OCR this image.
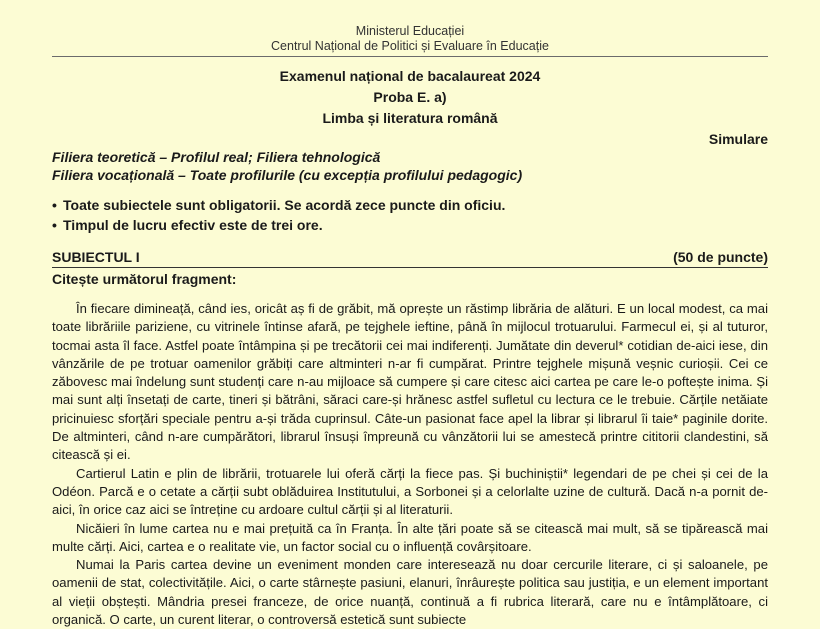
Ministerul Educației
Centrul Național de Politici și Evaluare în Educație
Examenul național de bacalaureat 2024
Proba E. a)
Limba și literatura română
Simulare
Filiera teoretică – Profilul real; Filiera tehnologică
Filiera vocațională – Toate profilurile (cu excepția profilului pedagogic)
• Toate subiectele sunt obligatorii. Se acordă zece puncte din oficiu.
• Timpul de lucru efectiv este de trei ore.
SUBIECTUL I	(50 de puncte)
Citește următorul fragment:

În fiecare dimineață, când ies, oricât aș fi de grăbit, mă oprește un răstimp librăria de alături. E un local modest, ca mai toate librăriile pariziene, cu vitrinele întinse afară, pe tejghele ieftine, până în mijlocul trotuarului. Farmecul ei, și al tuturor, tocmai asta îl face. Astfel poate întâmpina și pe trecătorii cei mai indiferenți. Jumătate din deverul* cotidian de-aici iese, din vânzările de pe trotuar oamenilor grăbiți care altminteri n-ar fi cumpărat. Printre tejghele mișună veșnic curioșii. Cei ce zăbovesc mai îndelung sunt studenți care n-au mijloace să cumpere și care citesc aici cartea pe care le-o poftește inima. Și mai sunt alți însetați de carte, tineri și bătrâni, săraci care-și hrănesc astfel sufletul cu lectura ce le trebuie. Cărțile netăiate pricinuiesc sforțări speciale pentru a-și trăda cuprinsul. Câte-un pasionat face apel la librar și librarul îi taie* paginile dorite. De altminteri, când n-are cumpărători, librarul însuși împreună cu vânzătorii lui se amestecă printre cititorii clandestini, să citească și ei.

Cartierul Latin e plin de librării, trotuarele lui oferă cărți la fiece pas. Și buchiniștii* legendari de pe chei și cei de la Odéon. Parcă e o cetate a cărții subt oblăduirea Institutului, a Sorbonei și a celorlalte uzine de cultură. Dacă n-a pornit de-aici, în orice caz aici se întreține cu ardoare cultul cărții și al literaturii.

Nicăieri în lume cartea nu e mai prețuită ca în Franța. În alte țări poate să se citească mai mult, să se tipărească mai multe cărți. Aici, cartea e o realitate vie, un factor social cu o influență covârșitoare.

Numai la Paris cartea devine un eveniment monden care interesează nu doar cercurile literare, ci și saloanele, pe oamenii de stat, colectivitățile. Aici, o carte stârnește pasiuni, elanuri, înrâurește politica sau justiția, e un element important al vieții obștești. Mândria presei franceze, de orice nuanță, continuă a fi rubrica literară, care nu e întâmplătoare, ci organică. O carte, un curent literar, o controversă estetică sunt subiecte
